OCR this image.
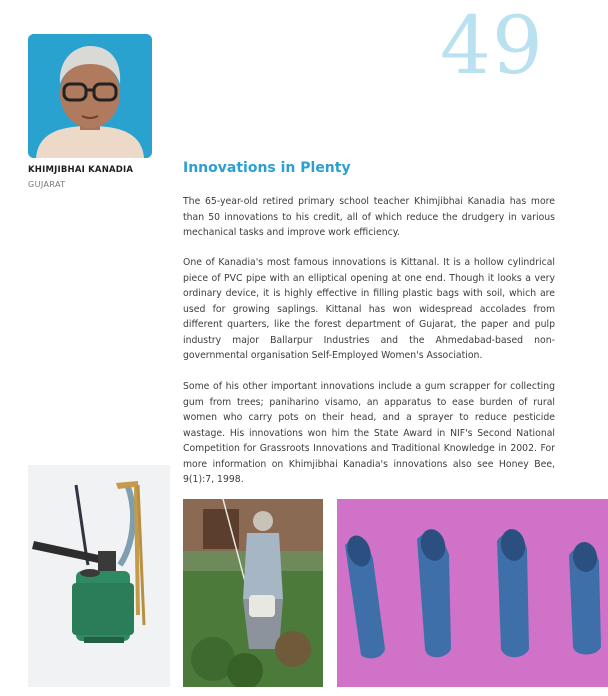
49
KHIMJIBHAI KANADIA
GUJARAT
Innovations in Plenty

The 65-year-old retired primary school teacher Khimjibhai Kanadia has more than 50 innovations to his credit, all of which reduce the drudgery in various mechanical tasks and improve work efficiency.

One of Kanadia's most famous innovations is Kittanal. It is a hollow cylindrical piece of PVC pipe with an elliptical opening at one end. Though it looks a very ordinary device, it is highly effective in filling plastic bags with soil, which are used for growing saplings. Kittanal has won widespread accolades from different quarters, like the forest department of Gujarat, the paper and pulp industry major Ballarpur Industries and the Ahmedabad-based non-governmental organisation Self-Employed Women's Association.

Some of his other important innovations include a gum scrapper for collecting gum from trees; paniharino visamo, an apparatus to ease burden of rural women who carry pots on their head, and a sprayer to reduce pesticide wastage. His innovations won him the State Award in NIF's Second National Competition for Grassroots Innovations and Traditional Knowledge in 2002. For more information on Khimjibhai Kanadia's innovations also see Honey Bee, 9(1):7, 1998.
